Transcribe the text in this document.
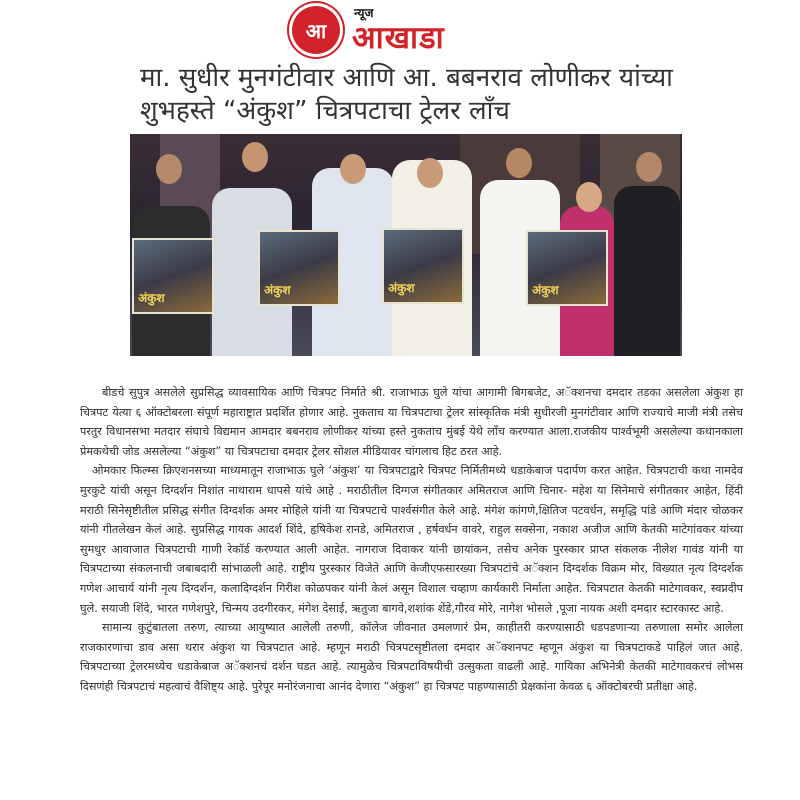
आ
न्यूज
आखाडा
मा. सुधीर मुनगंटीवार आणि आ. बबनराव लोणीकर यांच्या शुभहस्ते “अंकुश” चित्रपटाचा ट्रेलर लाँच
अंकुश
अंकुश	अंकुश	अंकुश

बीडचे सुपुत्र असलेले सुप्रसिद्ध व्यावसायिक आणि चित्रपट निर्माते श्री. राजाभाऊ घुले यांचा आगामी बिगबजेट, अॅक्शनचा दमदार तडका असलेला अंकुश हा चित्रपट येत्या ६ ऑक्टोबरला संपूर्ण महाराष्ट्रात प्रदर्शित होणार आहे. नुकताच या चित्रपटाचा ट्रेलर सांस्कृतिक मंत्री सुधीरजी मुनगंटीवार आणि राज्याचे माजी मंत्री तसेच परतुर विधानसभा मतदार संघाचे विद्यमान आमदार बबनराव लोणीकर यांच्या हस्ते नुकताच मुंबई येथे लाँच करण्यात आला.राजकीय पार्श्वभूमी असलेल्या कथानकाला प्रेमकथेची जोड असलेल्या “अंकुश” या चित्रपटाचा दमदार ट्रेलर सोशल मीडियावर चांगलाच हिट ठरत आहे.

ओमकार फिल्म्स क्रिएशनसच्या माध्यमातून राजाभाऊ घुले ‘अंकुश’ या चित्रपटाद्वारे चित्रपट निर्मितीमध्ये धडाकेबाज पदार्पण करत आहेत. चित्रपटाची कथा नामदेव मुरकुटे यांची असून दिग्दर्शन निशांत नाथाराम धापसे यांचे आहे . मराठीतील दिग्गज संगीतकार अमितराज आणि चिनार- महेश या सिनेमाचे संगीतकार आहेत, हिंदी मराठी सिनेसृष्टीतील प्रसिद्ध संगीत दिग्दर्शक अमर मोहिले यांनी या चित्रपटाचे पार्श्वसंगीत केले आहे. मंगेश कांगणे,क्षितिज पटवर्धन, समृद्धि पांडे आणि मंदार चोळकर यांनी गीतलेखन केलं आहे. सुप्रसिद्ध गायक आदर्श शिंदे, हृषिकेश रानडे, अमितराज , हर्षवर्धन वावरे, राहुल सक्सेना, नकाश अजीज आणि केतकी माटेगांवकर यांच्या सुमधुर आवाजात चित्रपटाची गाणी रेकॉर्ड करण्यात आली आहेत. नागराज दिवाकर यांनी छायांकन, तसेच अनेक पुरस्कार प्राप्त संकलक नीलेश गावंड यांनी या चित्रपटाच्या संकलनाची जबाबदारी सांभाळली आहे. राष्ट्रीय पुरस्कार विजेते आणि केजीएफसारख्या चित्रपटांचे अॅक्शन दिग्दर्शक विक्रम मोर, विख्यात नृत्य दिग्दर्शक गणेश आचार्य यांनी नृत्य दिग्दर्शन, कलादिग्दर्शन गिरीश कोळपकर यांनी केलं असून विशाल चव्हाण कार्यकारी निर्माता आहेत. चित्रपटात केतकी माटेगावकर, स्वप्नदीप घुले. सयाजी शिंदे, भारत गणेशपुरे, चिन्मय उदगीरकर, मंगेश देसाई, ऋतुजा बागवे,शशांक शेंडे,गौरव मोरे, नागेश भोसले ,पूजा नायक अशी दमदार स्टारकास्ट आहे.

सामान्य कुटुंबातला तरुण, त्याच्या आयुष्यात आलेली तरुणी, कॉलेज जीवनात उमलणारं प्रेम, काहीतरी करण्यासाठी धडपडणाऱ्या तरुणाला समोर आलेला राजकारणाचा डाव असा थरार अंकुश या चित्रपटात आहे. म्हणून मराठी चित्रपटसृष्टीतला दमदार अॅक्शनपट म्हणून अंकुश या चित्रपटाकडे पाहिलं जात आहे. चित्रपटाच्या ट्रेलरमध्येच धडाकेबाज अॅक्शनचं दर्शन घडत आहे. त्यामुळेच चित्रपटाविषयीची उत्सुकता वाढली आहे. गायिका अभिनेत्री केतकी माटेगावकरचं लोभस दिसणंही चित्रपटाचं महत्वाचं वैशिष्ट्य आहे. पुरेपूर मनोरंजनाचा आनंद देणारा “अंकुश” हा चित्रपट पाहण्यासाठी प्रेक्षकांना केवळ ६ ऑक्टोबरची प्रतीक्षा आहे.
